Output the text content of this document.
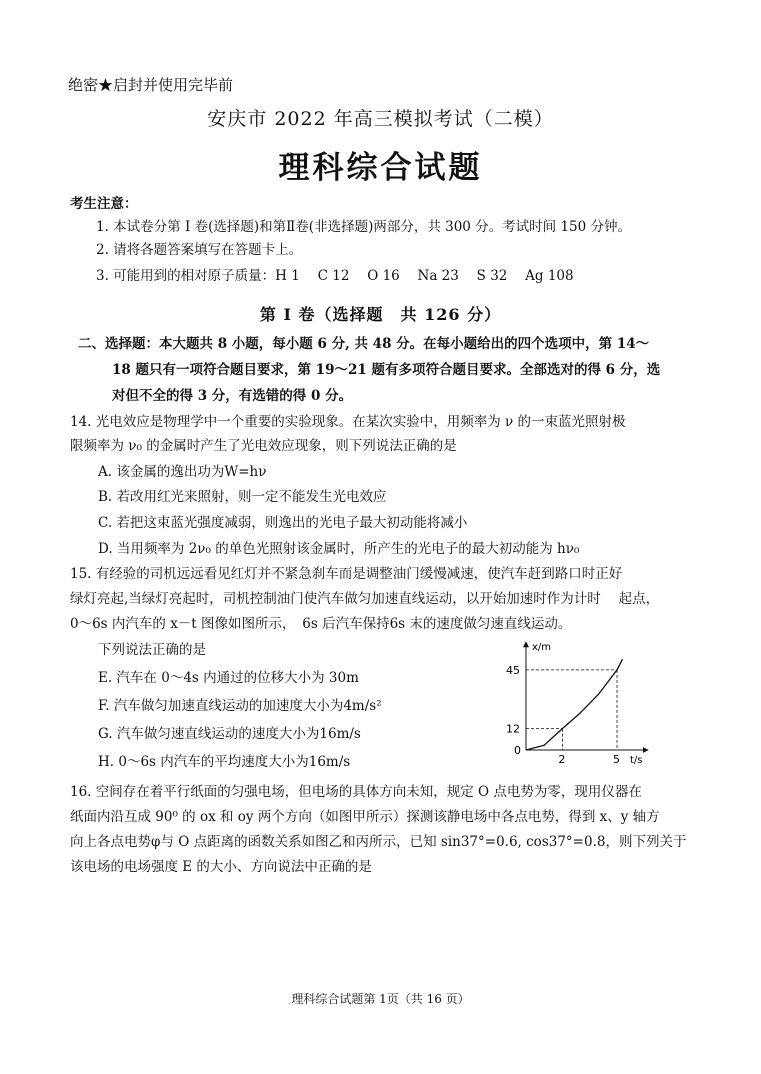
绝密★启封并使用完毕前
安庆市 2022 年高三模拟考试（二模）
理科综合试题
考生注意：
1. 本试卷分第 I 卷(选择题)和第Ⅱ卷(非选择题)两部分，共 300 分。考试时间 150 分钟。
2. 请将各题答案填写在答题卡上。
3. 可能用到的相对原子质量：H 1　 C 12　 O 16　 Na 23　 S 32　 Ag 108
第 I 卷（选择题　共 126 分）
二、选择题：本大题共 8 小题，每小题 6 分, 共 48 分。在每小题给出的四个选项中，第 14～
18 题只有一项符合题目要求，第 19～21 题有多项符合题目要求。全部选对的得 6 分，选
对但不全的得 3 分，有选错的得 0 分。
14. 光电效应是物理学中一个重要的实验现象。在某次实验中，用频率为 ν 的一束蓝光照射极
限频率为 ν₀ 的金属时产生了光电效应现象，则下列说法正确的是
A. 该金属的逸出功为W=hν
B. 若改用红光来照射，则一定不能发生光电效应
C. 若把这束蓝光强度减弱，则逸出的光电子最大初动能将减小
D. 当用频率为 2ν₀ 的单色光照射该金属时，所产生的光电子的最大初动能为 hν₀
15. 有经验的司机远远看见红灯并不紧急刹车而是调整油门缓慢减速，使汽车赶到路口时正好
绿灯亮起,当绿灯亮起时，司机控制油门使汽车做匀加速直线运动，以开始加速时作为计时　 起点，
0～6s 内汽车的 x－t 图像如图所示，　6s 后汽车保持6s 末的速度做匀速直线运动。
下列说法正确的是
E. 汽车在 0～4s 内通过的位移大小为 30m
F. 汽车做匀加速直线运动的加速度大小为4m/s²
G. 汽车做匀速直线运动的速度大小为16m/s
H. 0～6s 内汽车的平均速度大小为16m/s	2	5
12
45
0
x/m
t/s
16. 空间存在着平行纸面的匀强电场，但电场的具体方向未知，规定 O 点电势为零，现用仪器在
纸面内沿互成 90⁰ 的 ox 和 oy 两个方向（如图甲所示）探测该静电场中各点电势，得到 x、y 轴方
向上各点电势φ与 O 点距离的函数关系如图乙和丙所示，已知 sin37°=0.6, cos37°=0.8，则下列关于
该电场的电场强度 E 的大小、方向说法中正确的是
理科综合试题第 1页（共 16 页）
